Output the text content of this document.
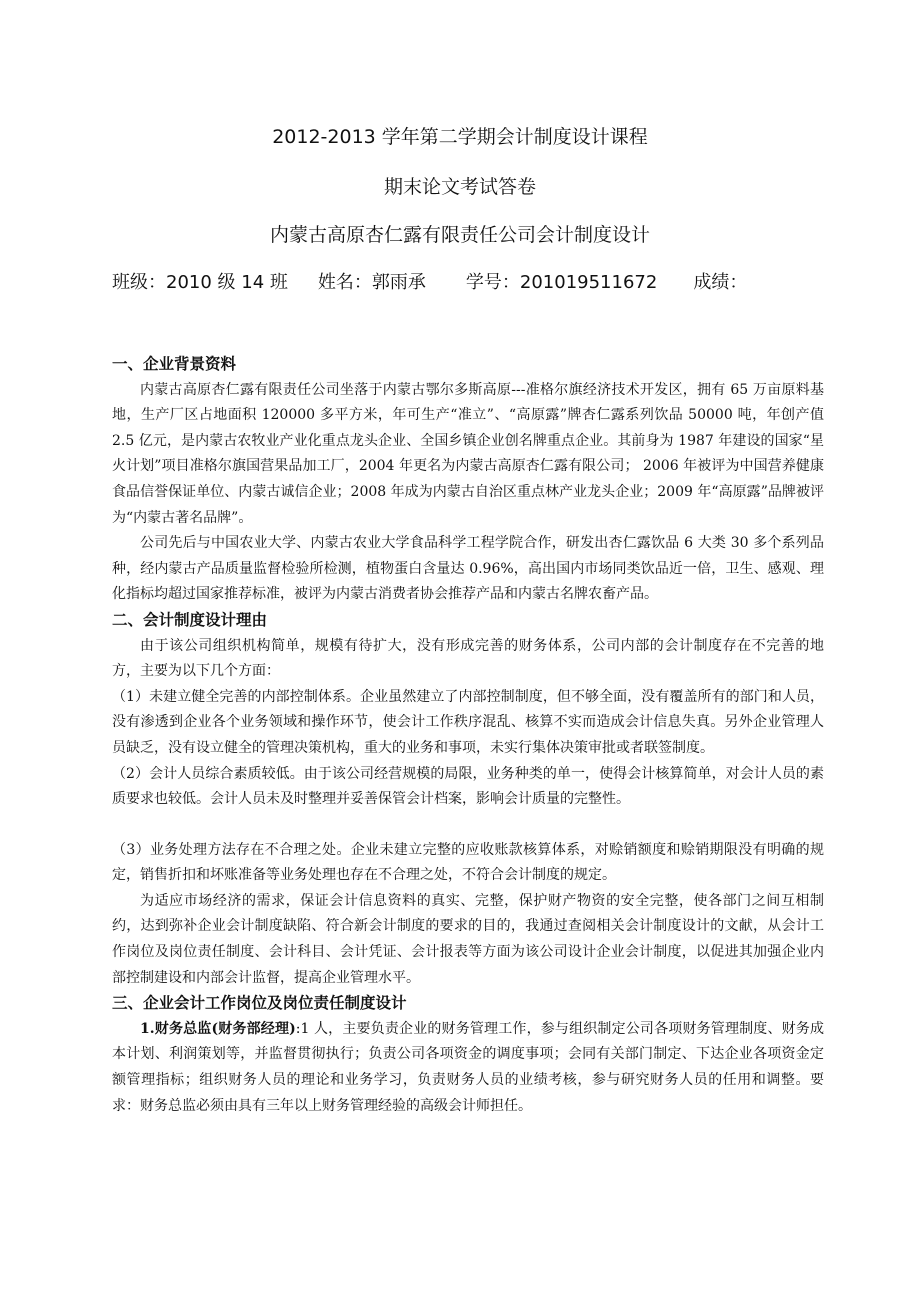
2012-2013 学年第二学期会计制度设计课程
期末论文考试答卷
内蒙古高原杏仁露有限责任公司会计制度设计
班级：2010 级 14 班 姓名：郭雨承 学号：201019511672 成绩：

一、企业背景资料

内蒙古高原杏仁露有限责任公司坐落于内蒙古鄂尔多斯高原---准格尔旗经济技术开发区，拥有 65 万亩原料基地，生产厂区占地面积 120000 多平方米，年可生产“准立”、“高原露”牌杏仁露系列饮品 50000 吨，年创产值 2.5 亿元，是内蒙古农牧业产业化重点龙头企业、全国乡镇企业创名牌重点企业。其前身为 1987 年建设的国家“星火计划”项目准格尔旗国营果品加工厂，2004 年更名为内蒙古高原杏仁露有限公司； 2006 年被评为中国营养健康食品信誉保证单位、内蒙古诚信企业；2008 年成为内蒙古自治区重点林产业龙头企业；2009 年“高原露”品牌被评为“内蒙古著名品牌”。

公司先后与中国农业大学、内蒙古农业大学食品科学工程学院合作，研发出杏仁露饮品 6 大类 30 多个系列品种，经内蒙古产品质量监督检验所检测，植物蛋白含量达 0.96%，高出国内市场同类饮品近一倍，卫生、感观、理化指标均超过国家推荐标准，被评为内蒙古消费者协会推荐产品和内蒙古名牌农畜产品。

二、会计制度设计理由

由于该公司组织机构简单，规模有待扩大，没有形成完善的财务体系，公司内部的会计制度存在不完善的地方，主要为以下几个方面：

（1）未建立健全完善的内部控制体系。企业虽然建立了内部控制制度，但不够全面，没有覆盖所有的部门和人员，没有渗透到企业各个业务领域和操作环节，使会计工作秩序混乱、核算不实而造成会计信息失真。另外企业管理人员缺乏，没有设立健全的管理决策机构，重大的业务和事项，未实行集体决策审批或者联签制度。

（2）会计人员综合素质较低。由于该公司经营规模的局限，业务种类的单一，使得会计核算简单，对会计人员的素质要求也较低。会计人员未及时整理并妥善保管会计档案，影响会计质量的完整性。

（3）业务处理方法存在不合理之处。企业未建立完整的应收账款核算体系，对赊销额度和赊销期限没有明确的规定，销售折扣和坏账准备等业务处理也存在不合理之处，不符合会计制度的规定。

为适应市场经济的需求，保证会计信息资料的真实、完整，保护财产物资的安全完整，使各部门之间互相制约，达到弥补企业会计制度缺陷、符合新会计制度的要求的目的，我通过查阅相关会计制度设计的文献，从会计工作岗位及岗位责任制度、会计科目、会计凭证、会计报表等方面为该公司设计企业会计制度，以促进其加强企业内部控制建设和内部会计监督，提高企业管理水平。

三、企业会计工作岗位及岗位责任制度设计

1.财务总监(财务部经理):1 人，主要负责企业的财务管理工作，参与组织制定公司各项财务管理制度、财务成本计划、利润策划等，并监督贯彻执行；负责公司各项资金的调度事项；会同有关部门制定、下达企业各项资金定额管理指标；组织财务人员的理论和业务学习，负责财务人员的业绩考核，参与研究财务人员的任用和调整。要求：财务总监必须由具有三年以上财务管理经验的高级会计师担任。
